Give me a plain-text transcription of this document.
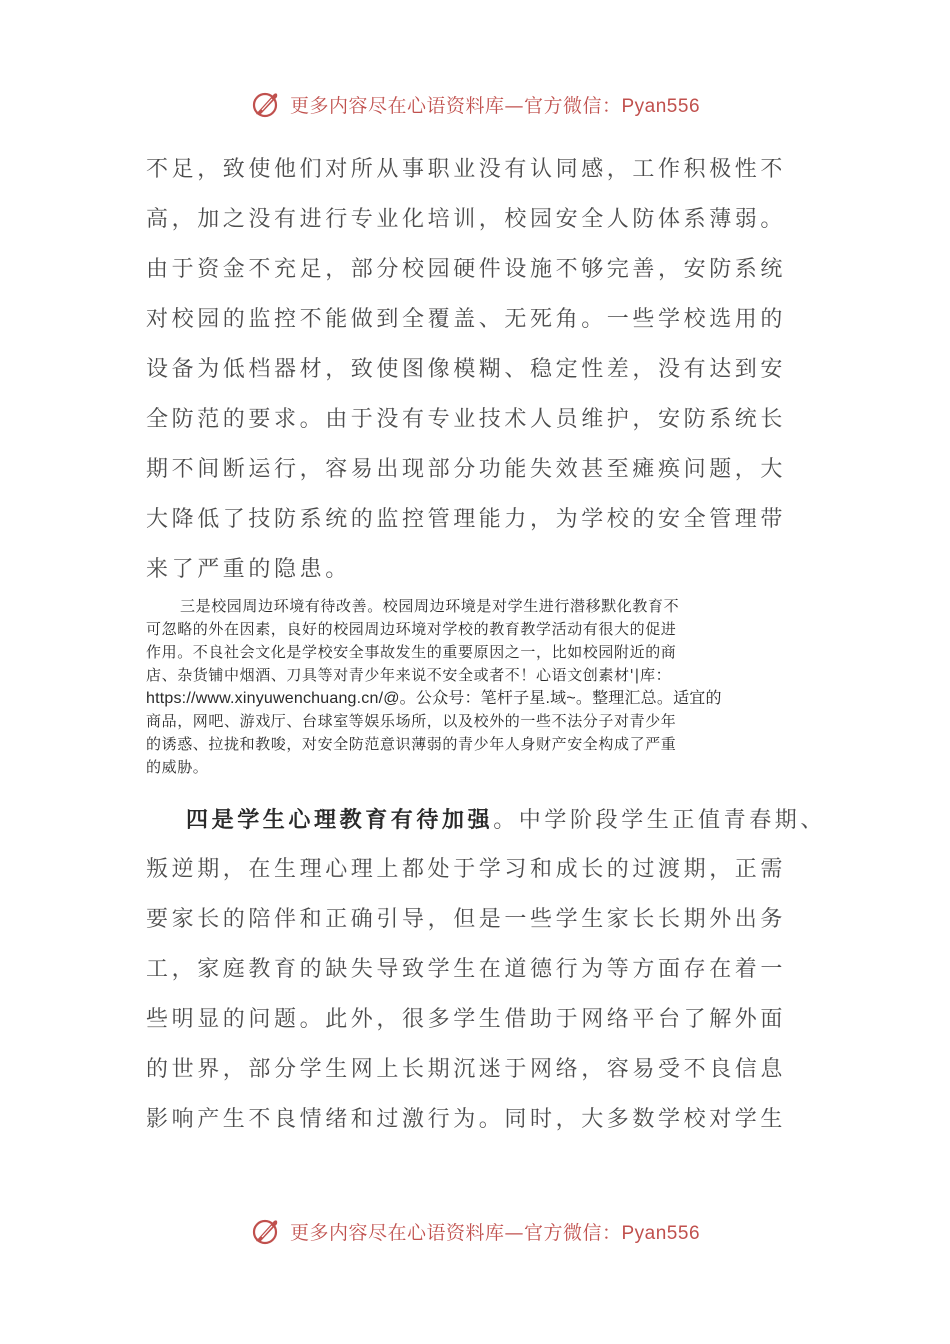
更多内容尽在心语资料库—官方微信：Pyan556
不足，致使他们对所从事职业没有认同感，工作积极性不
高，加之没有进行专业化培训，校园安全人防体系薄弱。
由于资金不充足，部分校园硬件设施不够完善，安防系统
对校园的监控不能做到全覆盖、无死角。一些学校选用的
设备为低档器材，致使图像模糊、稳定性差，没有达到安
全防范的要求。由于没有专业技术人员维护，安防系统长
期不间断运行，容易出现部分功能失效甚至瘫痪问题，大
大降低了技防系统的监控管理能力，为学校的安全管理带
来了严重的隐患。
三是校园周边环境有待改善。校园周边环境是对学生进行潜移默化教育不
可忽略的外在因素，良好的校园周边环境对学校的教育教学活动有很大的促进
作用。不良社会文化是学校安全事故发生的重要原因之一，比如校园附近的商
店、杂货铺中烟酒、刀具等对青少年来说不安全或者不！心语文创素材'|库：
https://www.xinyuwenchuang.cn/@。公众号：笔杆子星.域~。整理汇总。适宜的
商品，网吧、游戏厅、台球室等娱乐场所，以及校外的一些不法分子对青少年
的诱惑、拉拢和教唆，对安全防范意识薄弱的青少年人身财产安全构成了严重
的威胁。
四是学生心理教育有待加强。中学阶段学生正值青春期、
叛逆期，在生理心理上都处于学习和成长的过渡期，正需
要家长的陪伴和正确引导，但是一些学生家长长期外出务
工，家庭教育的缺失导致学生在道德行为等方面存在着一
些明显的问题。此外，很多学生借助于网络平台了解外面
的世界，部分学生网上长期沉迷于网络，容易受不良信息
影响产生不良情绪和过激行为。同时，大多数学校对学生
更多内容尽在心语资料库—官方微信：Pyan556
